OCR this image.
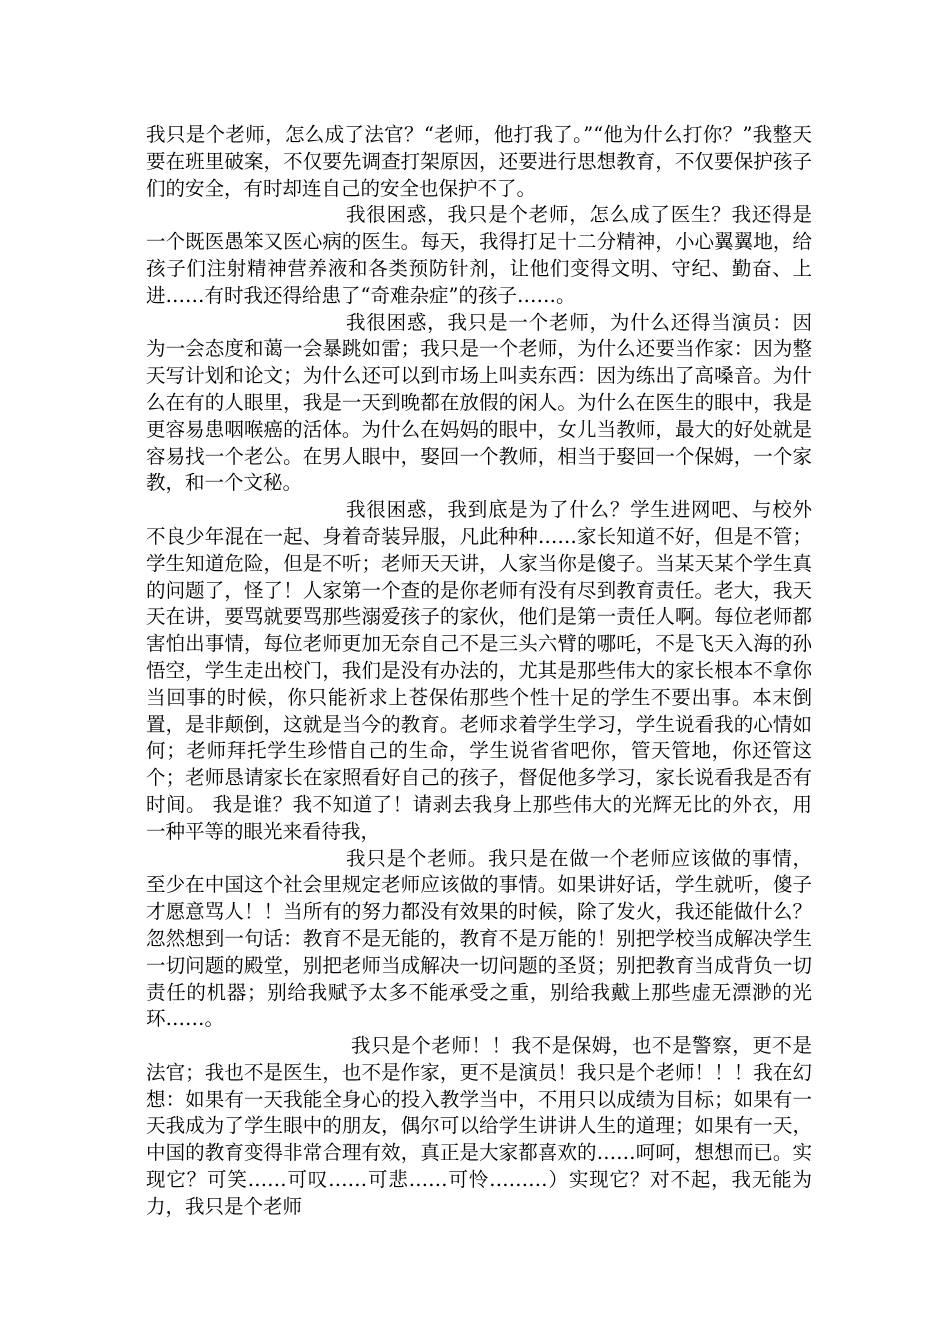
我只是个老师，怎么成了法官？“老师，他打我了。”“他为什么打你？”我整天要在班里破案，不仅要先调查打架原因，还要进行思想教育，不仅要保护孩子们的安全，有时却连自己的安全也保护不了。

我很困惑，我只是个老师，怎么成了医生？我还得是一个既医愚笨又医心病的医生。每天，我得打足十二分精神，小心翼翼地，给孩子们注射精神营养液和各类预防针剂，让他们变得文明、守纪、勤奋、上进……有时我还得给患了“奇难杂症”的孩子……。

我很困惑，我只是一个老师，为什么还得当演员：因为一会态度和蔼一会暴跳如雷；我只是一个老师，为什么还要当作家：因为整天写计划和论文；为什么还可以到市场上叫卖东西：因为练出了高嗓音。为什么在有的人眼里，我是一天到晚都在放假的闲人。为什么在医生的眼中，我是更容易患咽喉癌的活体。为什么在妈妈的眼中，女儿当教师，最大的好处就是容易找一个老公。在男人眼中，娶回一个教师，相当于娶回一个保姆，一个家教，和一个文秘。

我很困惑，我到底是为了什么？学生进网吧、与校外不良少年混在一起、身着奇装异服，凡此种种……家长知道不好，但是不管；学生知道危险，但是不听；老师天天讲，人家当你是傻子。当某天某个学生真的问题了，怪了！人家第一个查的是你老师有没有尽到教育责任。老大，我天天在讲，要骂就要骂那些溺爱孩子的家伙，他们是第一责任人啊。每位老师都害怕出事情，每位老师更加无奈自己不是三头六臂的哪吒，不是飞天入海的孙悟空，学生走出校门，我们是没有办法的，尤其是那些伟大的家长根本不拿你当回事的时候，你只能祈求上苍保佑那些个性十足的学生不要出事。本末倒置，是非颠倒，这就是当今的教育。老师求着学生学习，学生说看我的心情如何；老师拜托学生珍惜自己的生命，学生说省省吧你，管天管地，你还管这个；老师恳请家长在家照看好自己的孩子，督促他多学习，家长说看我是否有时间。 我是谁？我不知道了！请剥去我身上那些伟大的光辉无比的外衣，用一种平等的眼光来看待我，

我只是个老师。我只是在做一个老师应该做的事情，至少在中国这个社会里规定老师应该做的事情。如果讲好话，学生就听，傻子才愿意骂人！！当所有的努力都没有效果的时候，除了发火，我还能做什么？忽然想到一句话：教育不是无能的，教育不是万能的！别把学校当成解决学生一切问题的殿堂，别把老师当成解决一切问题的圣贤；别把教育当成背负一切责任的机器；别给我赋予太多不能承受之重，别给我戴上那些虚无漂渺的光环……。

我只是个老师！！我不是保姆，也不是警察，更不是法官；我也不是医生，也不是作家，更不是演员！我只是个老师！！！我在幻想：如果有一天我能全身心的投入教学当中，不用只以成绩为目标；如果有一天我成为了学生眼中的朋友，偶尔可以给学生讲讲人生的道理；如果有一天，中国的教育变得非常合理有效，真正是大家都喜欢的……呵呵，想想而已。实现它？可笑……可叹……可悲……可怜………）实现它？对不起，我无能为力，我只是个老师
